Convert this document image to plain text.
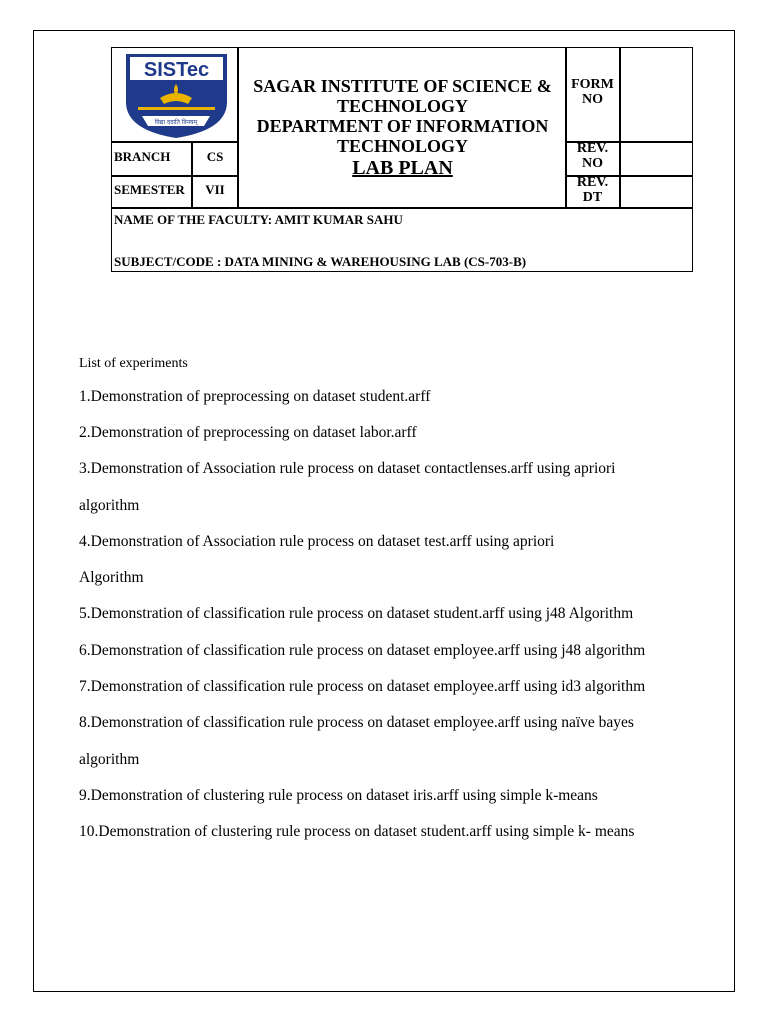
SISTec
विद्या ददाति विनयम्
SAGAR INSTITUTE OF SCIENCE &
TECHNOLOGY
DEPARTMENT OF INFORMATION
TECHNOLOGY
LAB PLAN
FORM
NO
REV.
NO
REV.
DT
BRANCH	CS
SEMESTER	VII
NAME OF THE FACULTY: AMIT KUMAR SAHU
SUBJECT/CODE : DATA MINING & WAREHOUSING LAB (CS-703-B)
List of experiments
1.Demonstration of preprocessing on dataset student.arff
2.Demonstration of preprocessing on dataset labor.arff
3.Demonstration of Association rule process on dataset contactlenses.arff using apriori
algorithm
4.Demonstration of Association rule process on dataset test.arff using apriori
Algorithm
5.Demonstration of classification rule process on dataset student.arff using j48 Algorithm
6.Demonstration of classification rule process on dataset employee.arff using j48 algorithm
7.Demonstration of classification rule process on dataset employee.arff using id3 algorithm
8.Demonstration of classification rule process on dataset employee.arff using naïve bayes
algorithm
9.Demonstration of clustering rule process on dataset iris.arff using simple k-means
10.Demonstration of clustering rule process on dataset student.arff using simple k- means
